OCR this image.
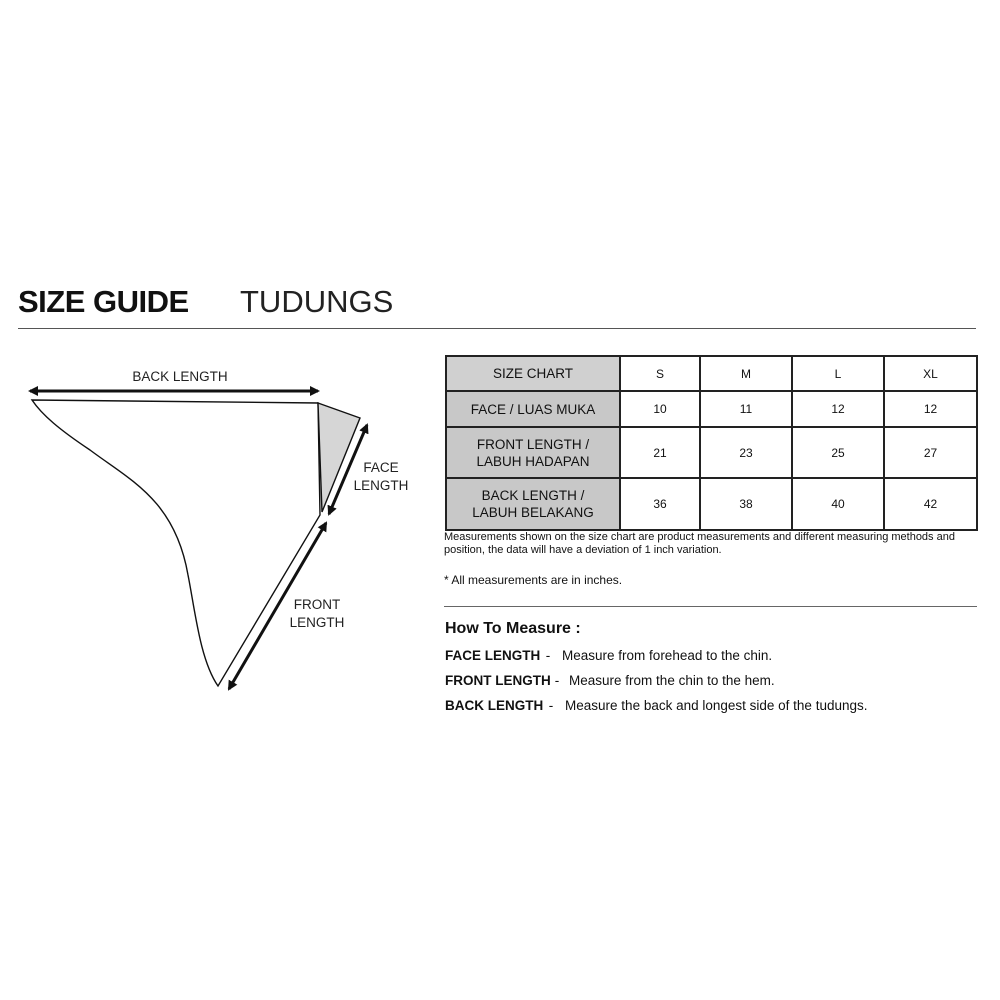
SIZE GUIDE TUDUNGS
BACK LENGTH
FACE
LENGTH
FRONT
LENGTH
SIZE CHART	S	M	L	XL
FACE / LUAS MUKA	10	11	12	12

FRONT LENGTH /
LABUH HADAPAN	21	23	25	27

BACK LENGTH /
LABUH BELAKANG	36	38	40	42
Measurements shown on the size chart are product measurements and different measuring methods and
position, the data will have a deviation of 1 inch variation.
* All measurements are in inches.
How To Measure :
FACE LENGTH - Measure from forehead to the chin.
FRONT LENGTH - Measure from the chin to the hem.
BACK LENGTH - Measure the back and longest side of the tudungs.
